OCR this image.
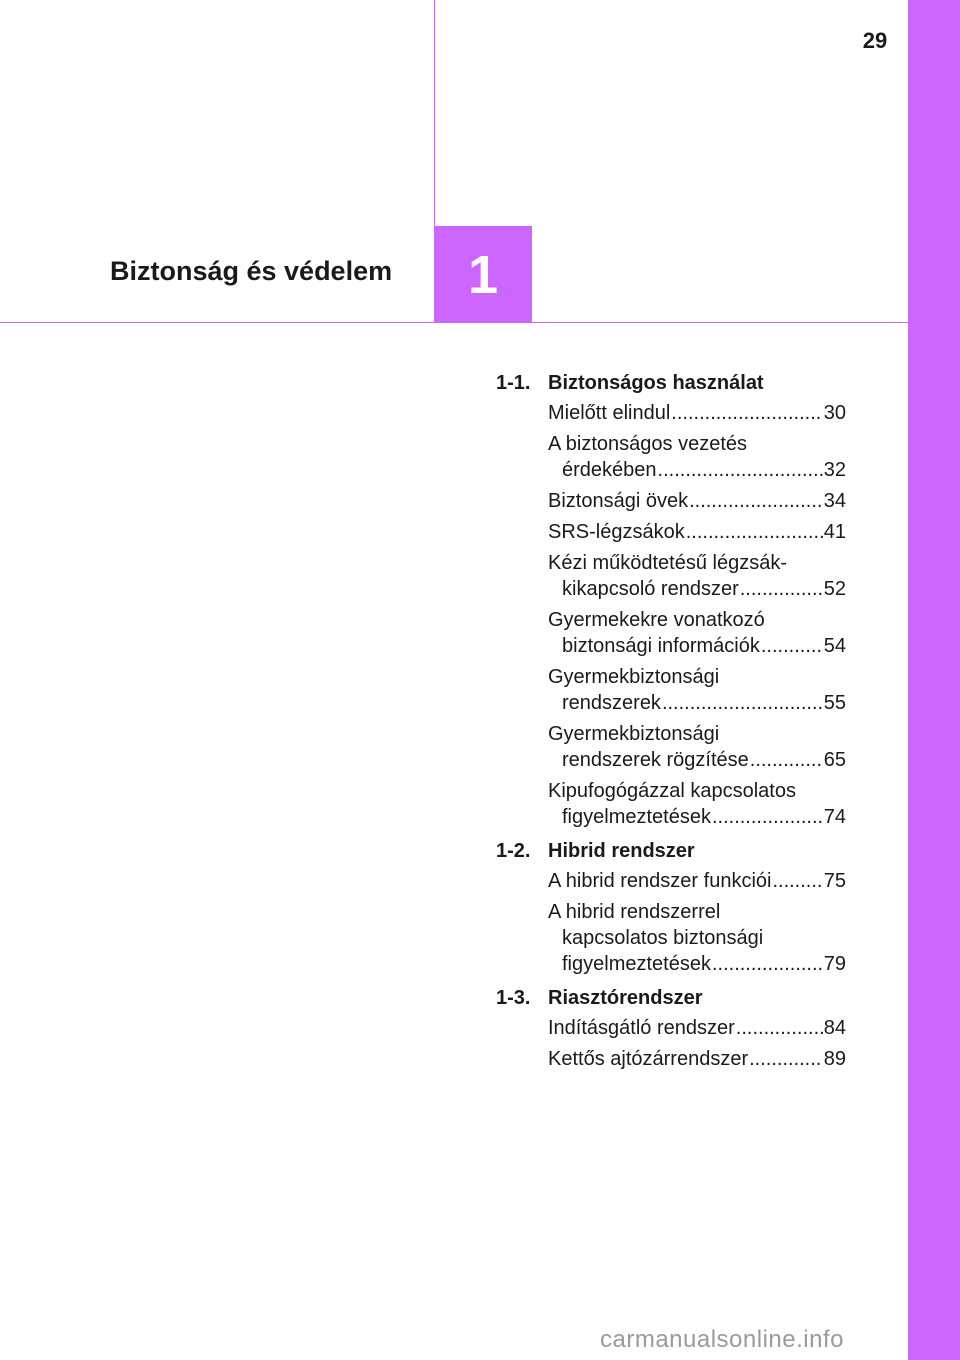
29
Biztonság és védelem	1
1-1. Biztonságos használat
Mielőtt elindul .....	30
A biztonságos vezetés
érdekében .....	32
Biztonsági övek .....	34
SRS-légzsákok .....	41
Kézi működtetésű légzsák-
kikapcsoló rendszer .....	52
Gyermekekre vonatkozó
biztonsági információk .....	54
Gyermekbiztonsági
rendszerek .....	55
Gyermekbiztonsági
rendszerek rögzítése .....	65
Kipufogógázzal kapcsolatos
figyelmeztetések .....	74
1-2. Hibrid rendszer
A hibrid rendszer funkciói .....	75
A hibrid rendszerrel
kapcsolatos biztonsági
figyelmeztetések .....	79
1-3. Riasztórendszer
Indításgátló rendszer .....	84
Kettős ajtózárrendszer .....	89
carmanualsonline.info
